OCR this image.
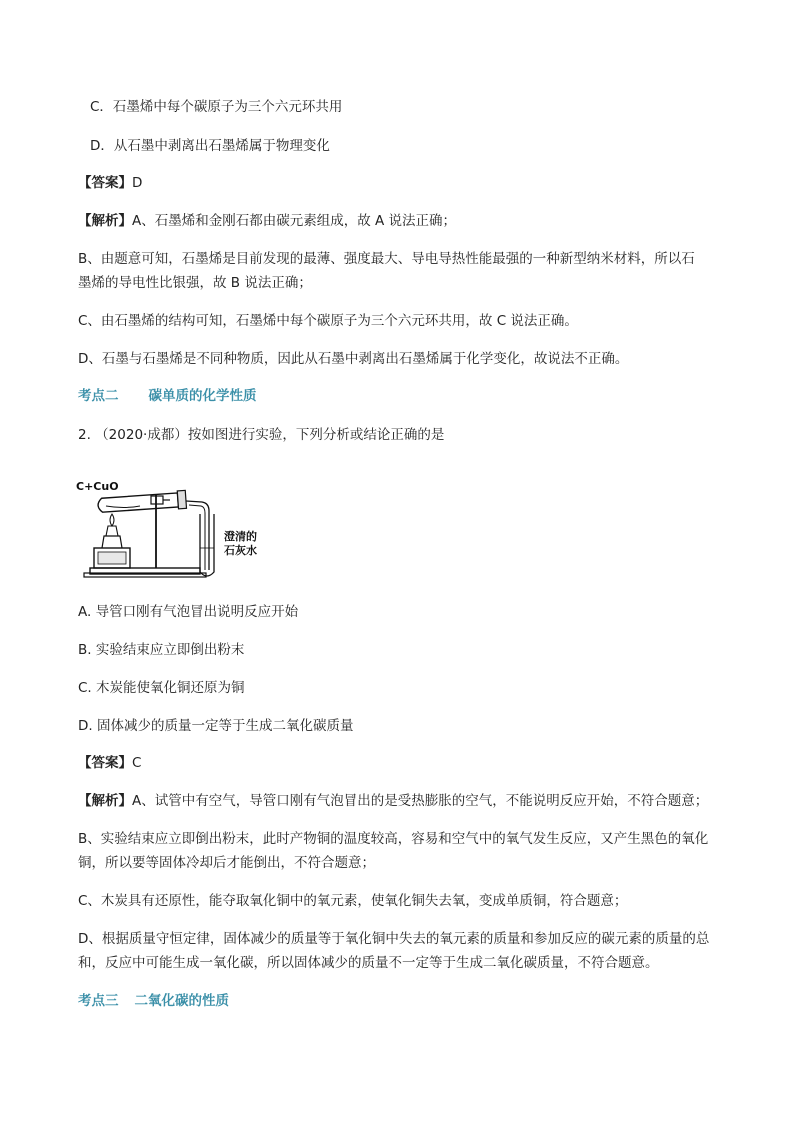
C．石墨烯中每个碳原子为三个六元环共用
D．从石墨中剥离出石墨烯属于物理变化
【答案】D
【解析】A、石墨烯和金刚石都由碳元素组成，故 A 说法正确；
B、由题意可知，石墨烯是目前发现的最薄、强度最大、导电导热性能最强的一种新型纳米材料，所以石
墨烯的导电性比银强，故 B 说法正确；
C、由石墨烯的结构可知，石墨烯中每个碳原子为三个六元环共用，故 C 说法正确。
D、石墨与石墨烯是不同种物质，因此从石墨中剥离出石墨烯属于化学变化，故说法不正确。
考点二 碳单质的化学性质
2. （2020·成都）按如图进行实验，下列分析或结论正确的是
C+CuO
澄清的
石灰水
A. 导管口刚有气泡冒出说明反应开始
B. 实验结束应立即倒出粉末
C. 木炭能使氧化铜还原为铜
D. 固体减少的质量一定等于生成二氧化碳质量
【答案】C
【解析】A、试管中有空气，导管口刚有气泡冒出的是受热膨胀的空气，不能说明反应开始，不符合题意；
B、实验结束应立即倒出粉末，此时产物铜的温度较高，容易和空气中的氧气发生反应，又产生黑色的氧化
铜，所以要等固体冷却后才能倒出，不符合题意；
C、木炭具有还原性，能夺取氧化铜中的氧元素，使氧化铜失去氧，变成单质铜，符合题意；
D、根据质量守恒定律，固体减少的质量等于氧化铜中失去的氧元素的质量和参加反应的碳元素的质量的总
和，反应中可能生成一氧化碳，所以固体减少的质量不一定等于生成二氧化碳质量，不符合题意。
考点三 二氧化碳的性质
